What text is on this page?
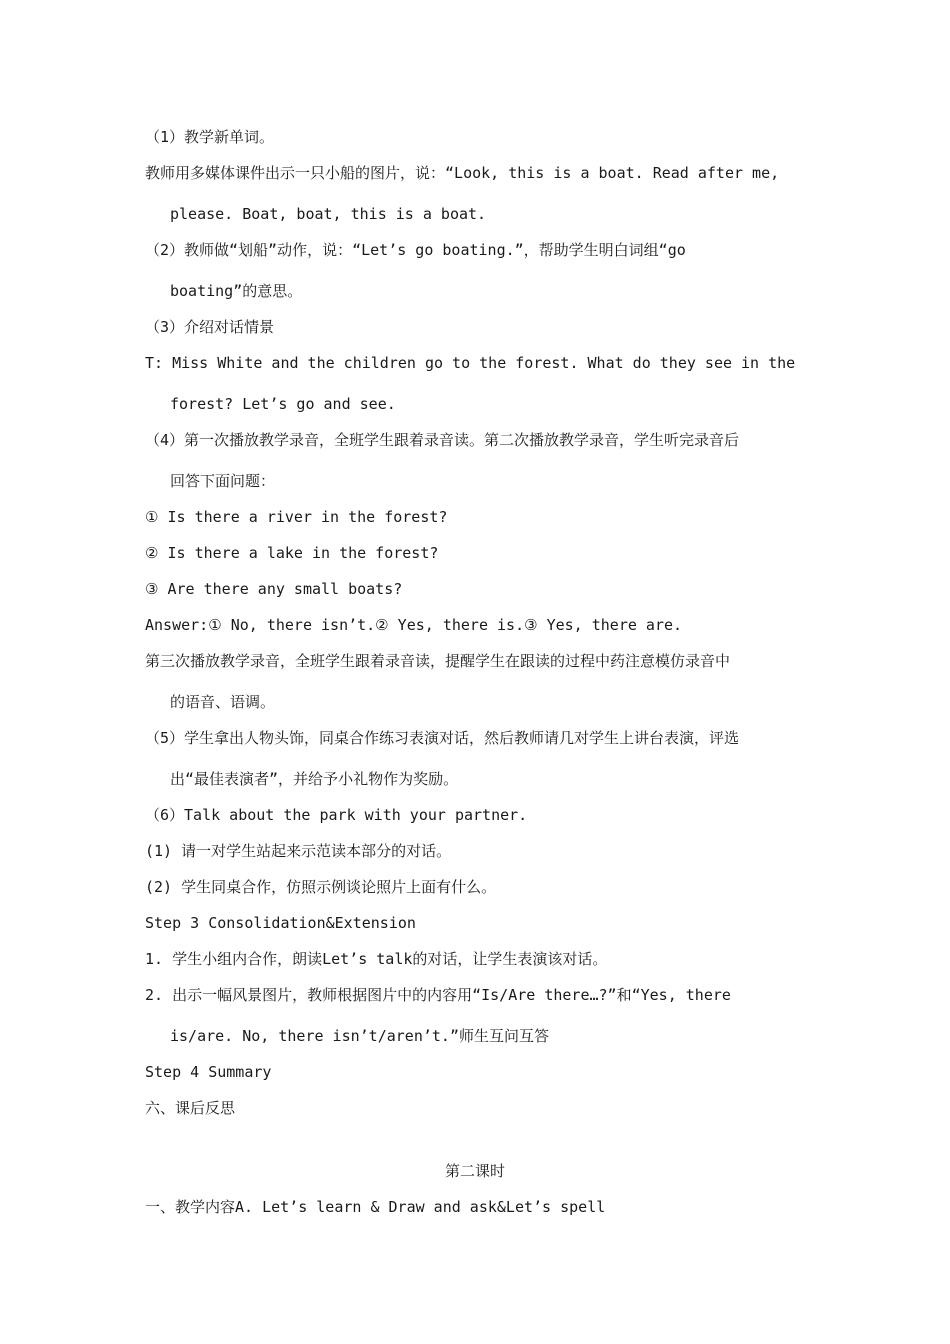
（1）教学新单词。
教师用多媒体课件出示一只小船的图片，说：“Look, this is a boat. Read after me,
please. Boat, boat, this is a boat.
（2）教师做“划船”动作，说：“Let’s go boating.”，帮助学生明白词组“go
boating”的意思。
（3）介绍对话情景
T: Miss White and the children go to the forest. What do they see in the
forest? Let’s go and see.
（4）第一次播放教学录音，全班学生跟着录音读。第二次播放教学录音，学生听完录音后
回答下面问题：
① Is there a river in the forest?
② Is there a lake in the forest?
③ Are there any small boats?
Answer:① No, there isn’t.② Yes, there is.③ Yes, there are.
第三次播放教学录音，全班学生跟着录音读，提醒学生在跟读的过程中药注意模仿录音中
的语音、语调。
（5）学生拿出人物头饰，同桌合作练习表演对话，然后教师请几对学生上讲台表演，评选
出“最佳表演者”，并给予小礼物作为奖励。
（6）Talk about the park with your partner.
(1) 请一对学生站起来示范读本部分的对话。
(2) 学生同桌合作，仿照示例谈论照片上面有什么。
Step 3 Consolidation&Extension
1. 学生小组内合作，朗读Let’s talk的对话，让学生表演该对话。
2. 出示一幅风景图片，教师根据图片中的内容用“Is/Are there…?”和“Yes, there
is/are. No, there isn’t/aren’t.”师生互问互答
Step 4 Summary
六、课后反思
第二课时
一、教学内容A. Let’s learn & Draw and ask&Let’s spell
